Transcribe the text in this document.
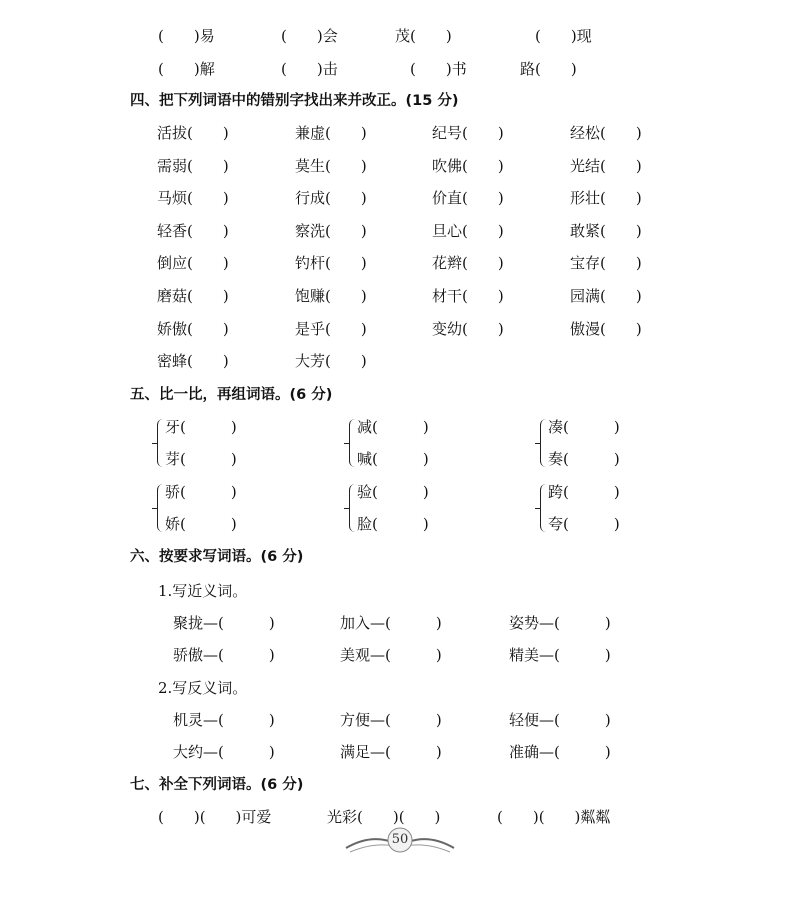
四、把下列词语中的错别字找出来并改正。(15 分)
五、比一比，再组词语。(6 分)
六、按要求写词语。(6 分)
1.写近义词。
2.写反义词。
七、补全下列词语。(6 分)
50
(　　)易	(　　)会	茂(　　)	(　　)现
(　　)解	(　　)击	(　　)书	路(　　)
活拔(　　)	兼虚(　　)	纪号(　　)	经松(　　)
需弱(　　)	莫生(　　)	吹佛(　　)	光结(　　)
马烦(　　)	行成(　　)	价直(　　)	形壮(　　)
轻香(　　)	察洗(　　)	旦心(　　)	敢紧(　　)
倒应(　　)	钓杆(　　)	花辫(　　)	宝存(　　)
磨菇(　　)	饱赚(　　)	材干(　　)	园满(　　)
娇傲(　　)	是乎(　　)	变幼(　　)	傲漫(　　)
密蜂(　　)	大芳(　　)
牙(　　　)
芽(　　　)
减(　　　)
喊(　　　)
凑(　　　)
奏(　　　)
骄(　　　)
娇(　　　)
验(　　　)
脸(　　　)
跨(　　　)
夸(　　　)
聚拢—(　　　)	加入—(　　　)	姿势—(　　　)
骄傲—(　　　)	美观—(　　　)	精美—(　　　)
机灵—(　　　)	方便—(　　　)	轻便—(　　　)
大约—(　　　)	满足—(　　　)	准确—(　　　)
(　　)(　　)可爱	光彩(　　)(　　)	(　　)(　　)粼粼
